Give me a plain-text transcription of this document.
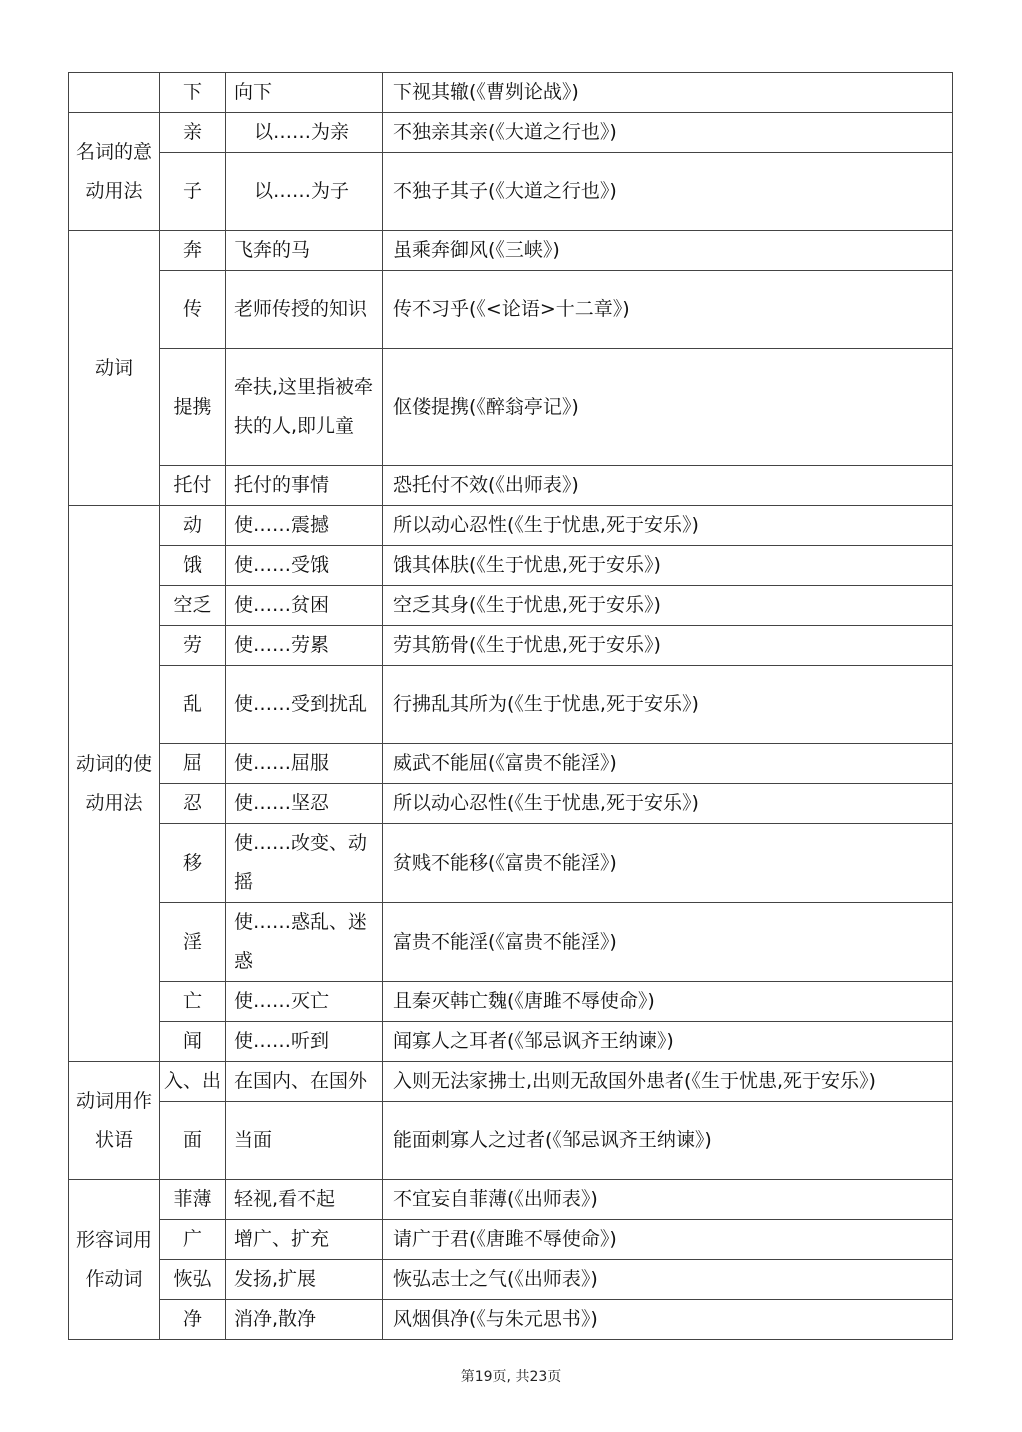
	下	向下	下视其辙(《曹刿论战》)
名词的意动用法	亲	以……为亲	不独亲其亲(《大道之行也》)
	子	以……为子	不独子其子(《大道之行也》)
动词	奔	飞奔的马	虽乘奔御风(《三峡》)
	传	老师传授的知识	传不习乎(《<论语>十二章》)
	提携	牵扶,这里指被牵扶的人,即儿童	伛偻提携(《醉翁亭记》)
	托付	托付的事情	恐托付不效(《出师表》)
动词的使动用法	动	使……震撼	所以动心忍性(《生于忧患,死于安乐》)
	饿	使……受饿	饿其体肤(《生于忧患,死于安乐》)
	空乏	使……贫困	空乏其身(《生于忧患,死于安乐》)
	劳	使……劳累	劳其筋骨(《生于忧患,死于安乐》)
	乱	使……受到扰乱	行拂乱其所为(《生于忧患,死于安乐》)
	屈	使……屈服	威武不能屈(《富贵不能淫》)
	忍	使……坚忍	所以动心忍性(《生于忧患,死于安乐》)
	移	使……改变、动摇	贫贱不能移(《富贵不能淫》)
	淫	使……惑乱、迷惑	富贵不能淫(《富贵不能淫》)
	亡	使……灭亡	且秦灭韩亡魏(《唐雎不辱使命》)
	闻	使……听到	闻寡人之耳者(《邹忌讽齐王纳谏》)
动词用作状语	入、出	在国内、在国外	入则无法家拂士,出则无敌国外患者(《生于忧患,死于安乐》)
	面	当面	能面刺寡人之过者(《邹忌讽齐王纳谏》)
形容词用作动词	菲薄	轻视,看不起	不宜妄自菲薄(《出师表》)
	广	增广、扩充	请广于君(《唐雎不辱使命》)
	恢弘	发扬,扩展	恢弘志士之气(《出师表》)
	净	消净,散净	风烟俱净(《与朱元思书》)
第19页, 共23页
